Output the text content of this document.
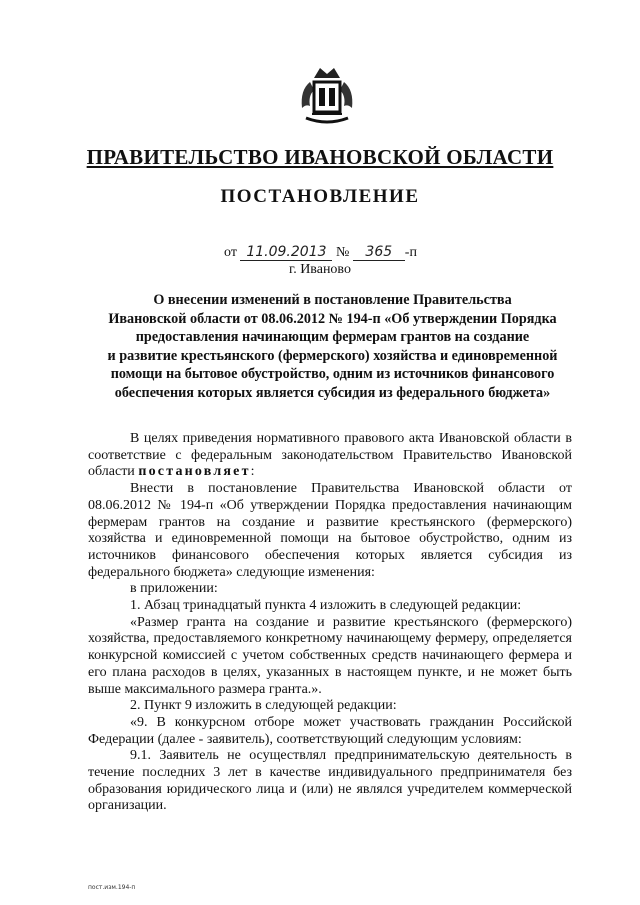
ПРАВИТЕЛЬСТВО ИВАНОВСКОЙ ОБЛАСТИ
ПОСТАНОВЛЕНИЕ
от 11.09.2013 № 365 -п
г. Иваново
О внесении изменений в постановление Правительства
Ивановской области от 08.06.2012 № 194-п «Об утверждении Порядка
предоставления начинающим фермерам грантов на создание
и развитие крестьянского (фермерского) хозяйства и единовременной
помощи на бытовое обустройство, одним из источников финансового
обеспечения которых является субсидия из федерального бюджета»

В целях приведения нормативного правового акта Ивановской области в соответствие с федеральным законодательством Правительство Ивановской области постановляет:

Внести в постановление Правительства Ивановской области от 08.06.2012 № 194-п «Об утверждении Порядка предоставления начинающим фермерам грантов на создание и развитие крестьянского (фермерского) хозяйства и единовременной помощи на бытовое обустройство, одним из источников финансового обеспечения которых является субсидия из федерального бюджета» следующие изменения:

в приложении:

1. Абзац тринадцатый пункта 4 изложить в следующей редакции:

«Размер гранта на создание и развитие крестьянского (фермерского) хозяйства, предоставляемого конкретному начинающему фермеру, определяется конкурсной комиссией с учетом собственных средств начинающего фермера и его плана расходов в целях, указанных в настоящем пункте, и не может быть выше максимального размера гранта.».

2. Пункт 9 изложить в следующей редакции:

«9. В конкурсном отборе может участвовать гражданин Российской Федерации (далее - заявитель), соответствующий следующим условиям:

9.1. Заявитель не осуществлял предпринимательскую деятельность в течение последних 3 лет в качестве индивидуального предпринимателя без образования юридического лица и (или) не являлся учредителем коммерческой организации.

пост.изм.194-п
